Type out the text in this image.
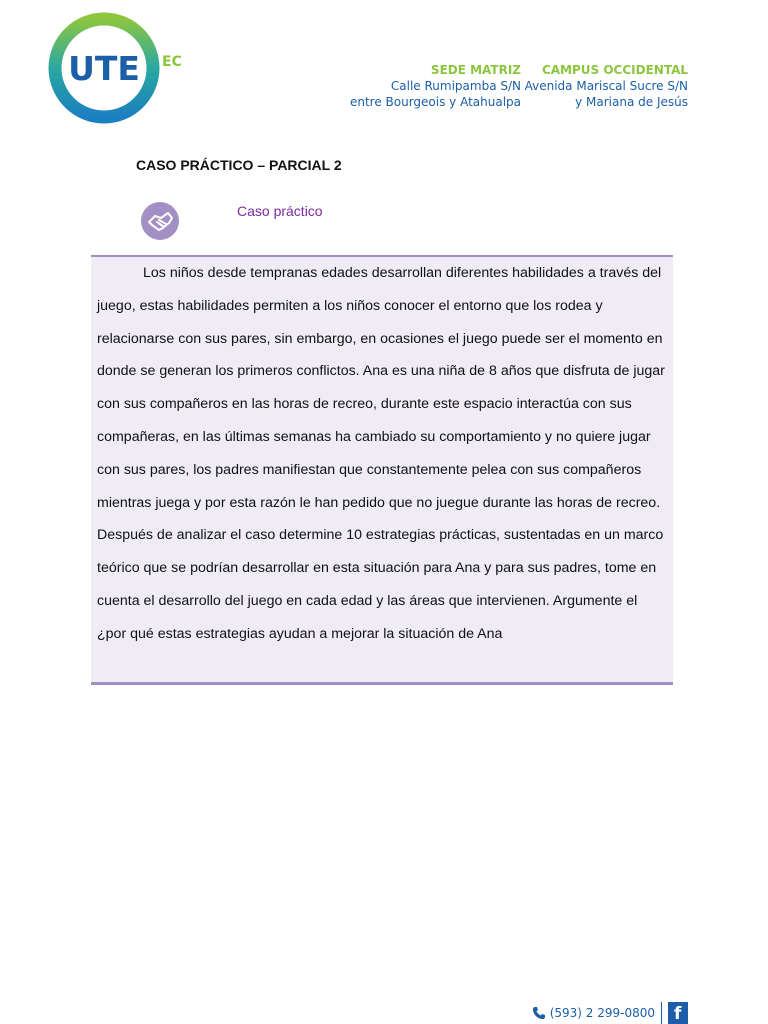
UTE EC	SEDE MATRIZ
Calle Rumipamba S/N
entre Bourgeois y Atahualpa
CAMPUS OCCIDENTAL
Avenida Mariscal Sucre S/N
y Mariana de Jesús
CASO PRÁCTICO – PARCIAL 2
Caso práctico

Los niños desde tempranas edades desarrollan diferentes habilidades a través del juego, estas habilidades permiten a los niños conocer el entorno que los rodea y relacionarse con sus pares, sin embargo, en ocasiones el juego puede ser el momento en donde se generan los primeros conflictos. Ana es una niña de 8 años que disfruta de jugar con sus compañeros en las horas de recreo, durante este espacio interactúa con sus compañeras, en las últimas semanas ha cambiado su comportamiento y no quiere jugar con sus pares, los padres manifiestan que constantemente pelea con sus compañeros mientras juega y por esta razón le han pedido que no juegue durante las horas de recreo. Después de analizar el caso determine 10 estrategias prácticas, sustentadas en un marco teórico que se podrían desarrollar en esta situación para Ana y para sus padres, tome en cuenta el desarrollo del juego en cada edad y las áreas que intervienen. Argumente el ¿por qué estas estrategias ayudan a mejorar la situación de Ana

(593) 2 299-0800 f
